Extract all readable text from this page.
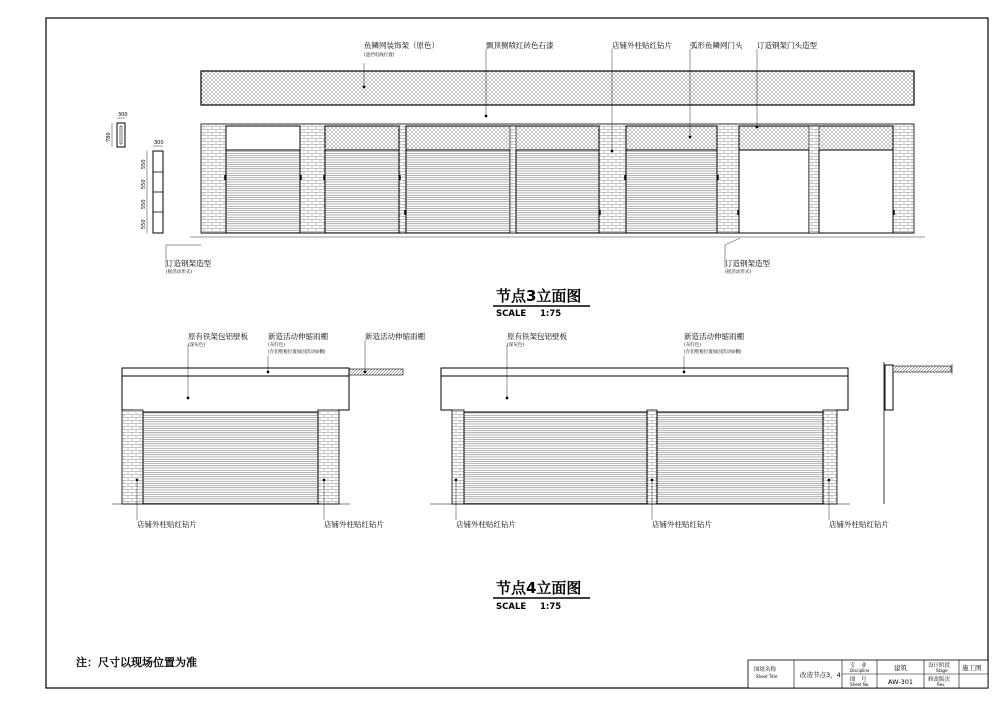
鱼鳞网装饰架（原色）
(遮挡电线位置)
飘顶侧喷红砖色石漆	店铺外柱贴红钻片 弧形鱼鳞网门头 订造钢架门头造型
订造钢架造型
(摇活动形式)
订造钢架造型
(摇活动形式)
300
780
300
550
550
550
550
节点3立面图
SCALE 1:75
原有铁架包铝壁板
(深灰色)
新造活动伸缩雨棚
(灰红色)
(在铝壁板位置加固活动雨棚)
新造活动伸缩雨棚
店铺外柱贴红钻片	店铺外柱贴红钻片
原有铁架包铝壁板
(深灰色)
新造活动伸缩雨棚
(灰红色)
(在铝壁板位置加固活动雨棚)
店铺外柱贴红钻片	店铺外柱贴红钻片	店铺外柱贴红钻片
节点4立面图
SCALE 1:75
注：尺寸以现场位置为准
图纸名称
Sheet Title	改造节点3，4
专　业
Discipline	建筑
图　号
Sheet No.	AW-301
设计阶段
Stage 施工图
修改版次
Rev.
